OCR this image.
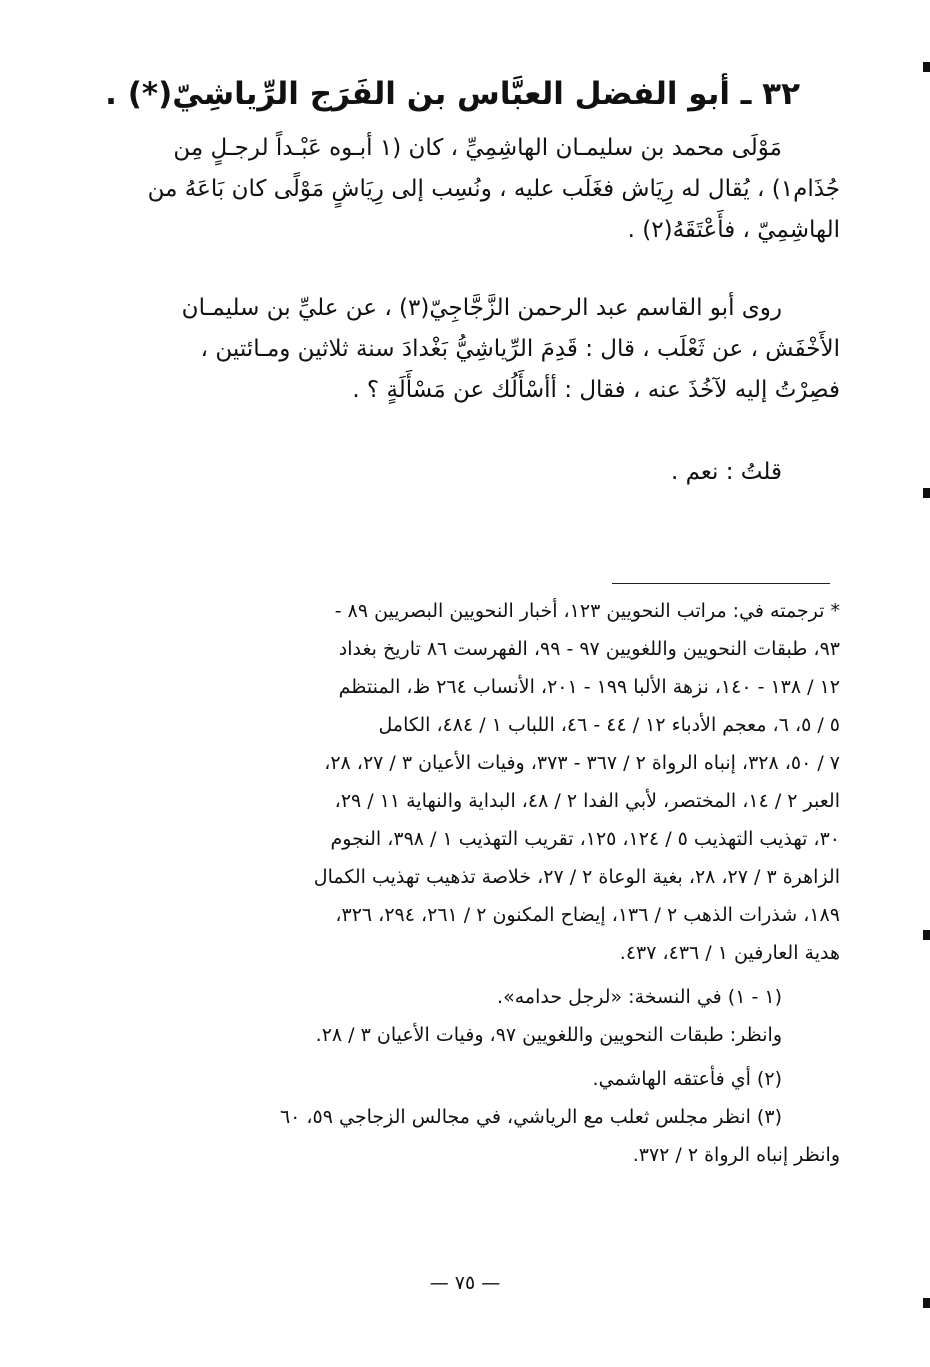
٣٢ ـ أبو الفضل العبَّاس بن الفَرَج الرِّياشِيّ(*) .
مَوْلَى محمد بن سليمـان الهاشِمِيِّ ، كان (١ أبـوه عَبْـداً لرجـلٍ مِن
جُذَام١) ، يُقال له رِيَاش فغَلَب عليه ، ونُسِب إلى رِيَاشٍ مَوْلًى كان بَاعَهُ من
الهاشِمِيّ ، فأَعْتَقَهُ(٢) .
روى أبو القاسم عبد الرحمن الزَّجَّاجِيّ(٣) ، عن عليِّ بن سليمـان
الأَخْفَش ، عن ثَعْلَب ، قال : قَدِمَ الرِّياشِيُّ بَغْدادَ سنة ثلاثين ومـائتين ،
فصِرْتُ إليه لآخُذَ عنه ، فقال : أأسْأَلُك عن مَسْأَلَةٍ ؟ .
قلتُ : نعم .
* ترجمته في: مراتب النحويين ١٢٣، أخبار النحويين البصريين ٨٩ -
٩٣، طبقات النحويين واللغويين ٩٧ - ٩٩، الفهرست ٨٦ تاريخ بغداد
١٢ / ١٣٨ - ١٤٠، نزهة الألبا ١٩٩ - ٢٠١، الأنساب ٢٦٤ ظ، المنتظم
٥ / ٥، ٦، معجم الأدباء ١٢ / ٤٤ - ٤٦، اللباب ١ / ٤٨٤، الكامل
٧ / ٥٠، ٣٢٨، إنباه الرواة ٢ / ٣٦٧ - ٣٧٣، وفيات الأعيان ٣ / ٢٧، ٢٨،
العبر ٢ / ١٤، المختصر، لأبي الفدا ٢ / ٤٨، البداية والنهاية ١١ / ٢٩،
٣٠، تهذيب التهذيب ٥ / ١٢٤، ١٢٥، تقريب التهذيب ١ / ٣٩٨، النجوم
الزاهرة ٣ / ٢٧، ٢٨، بغية الوعاة ٢ / ٢٧، خلاصة تذهيب تهذيب الكمال
١٨٩، شذرات الذهب ٢ / ١٣٦، إيضاح المكنون ٢ / ٢٦١، ٢٩٤، ٣٢٦،
هدية العارفين ١ / ٤٣٦، ٤٣٧.
(١ - ١) في النسخة: «لرجل حدامه».
وانظر: طبقات النحويين واللغويين ٩٧، وفيات الأعيان ٣ / ٢٨.
(٢) أي فأعتقه الهاشمي.
(٣) انظر مجلس ثعلب مع الرياشي، في مجالس الزجاجي ٥٩، ٦٠
وانظر إنباه الرواة ٢ / ٣٧٢.
— ٧٥ —
